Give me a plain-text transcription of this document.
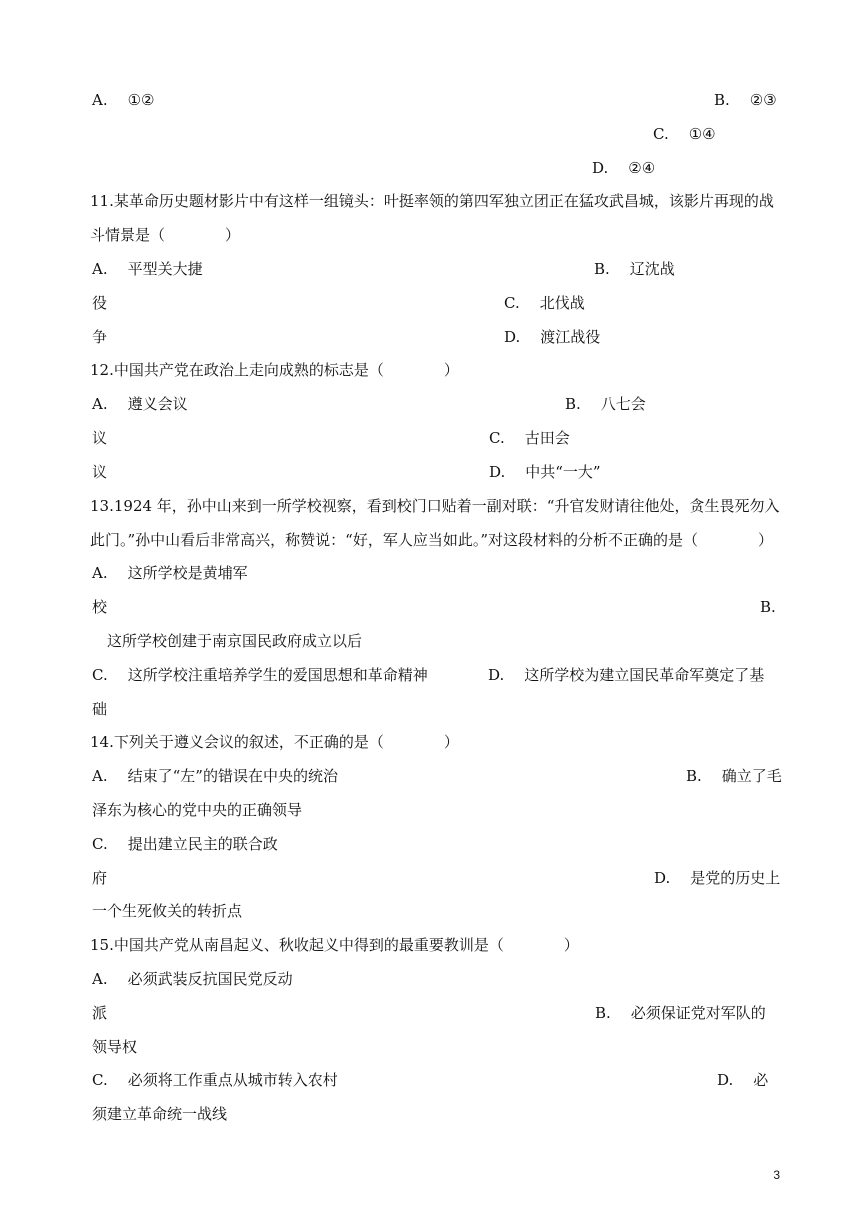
A. ①②	B. ②③
C. ①④
D. ②④
11.某革命历史题材影片中有这样一组镜头：叶挺率领的第四军独立团正在猛攻武昌城，该影片再现的战
斗情景是（　　　　）
A. 平型关大捷	B. 辽沈战
役	C. 北伐战
争	D. 渡江战役
12.中国共产党在政治上走向成熟的标志是（　　　　）
A. 遵义会议	B. 八七会
议	C. 古田会
议	D. 中共“一大”
13.1924 年，孙中山来到一所学校视察，看到校门口贴着一副对联：“升官发财请往他处，贪生畏死勿入
此门。”孙中山看后非常高兴，称赞说：“好，军人应当如此。”对这段材料的分析不正确的是（　　　　）
A. 这所学校是黄埔军
校	B.
这所学校创建于南京国民政府成立以后
C. 这所学校注重培养学生的爱国思想和革命精神	D. 这所学校为建立国民革命军奠定了基
础
14.下列关于遵义会议的叙述，不正确的是（　　　　）
A. 结束了“左”的错误在中央的统治	B. 确立了毛
泽东为核心的党中央的正确领导
C. 提出建立民主的联合政
府	D. 是党的历史上
一个生死攸关的转折点
15.中国共产党从南昌起义、秋收起义中得到的最重要教训是（　　　　）
A. 必须武装反抗国民党反动
派	B. 必须保证党对军队的
领导权
C. 必须将工作重点从城市转入农村	D. 必
须建立革命统一战线
3
